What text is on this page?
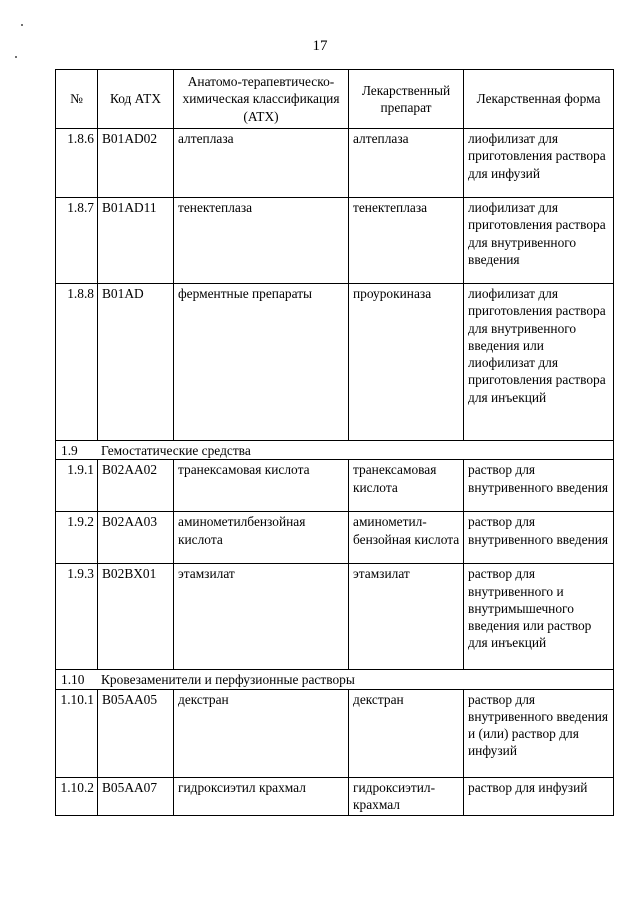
17
№	Код АТХ	Анатомо-терапевтическо-химическая классификация (АТХ)	Лекарственный препарат	Лекарственная форма
1.8.6	B01AD02	алтеплаза	алтеплаза	лиофилизат для приготовления раствора для инфузий
1.8.7	B01AD11	тенектеплаза	тенектеплаза	лиофилизат для приготовления раствора для внутривенного введения
1.8.8	B01AD	ферментные препараты	проурокиназа	лиофилизат для приготовления раствора для внутривенного введения или лиофилизат для приготовления раствора для инъекций
1.9 Гемостатические средства				
1.9.1	B02AA02	транексамовая кислота	транексамовая кислота	раствор для внутривенного введения
1.9.2	B02AA03	аминометилбензойная кислота	аминометил-бензойная кислота	раствор для внутривенного введения
1.9.3	B02BX01	этамзилат	этамзилат	раствор для внутривенного и внутримышечного введения или раствор для инъекций
1.10 Кровезаменители и перфузионные растворы				
1.10.1	B05AA05	декстран	декстран	раствор для внутривенного введения и (или) раствор для инфузий
1.10.2	B05AA07	гидроксиэтил крахмал	гидроксиэтил-крахмал	раствор для инфузий
